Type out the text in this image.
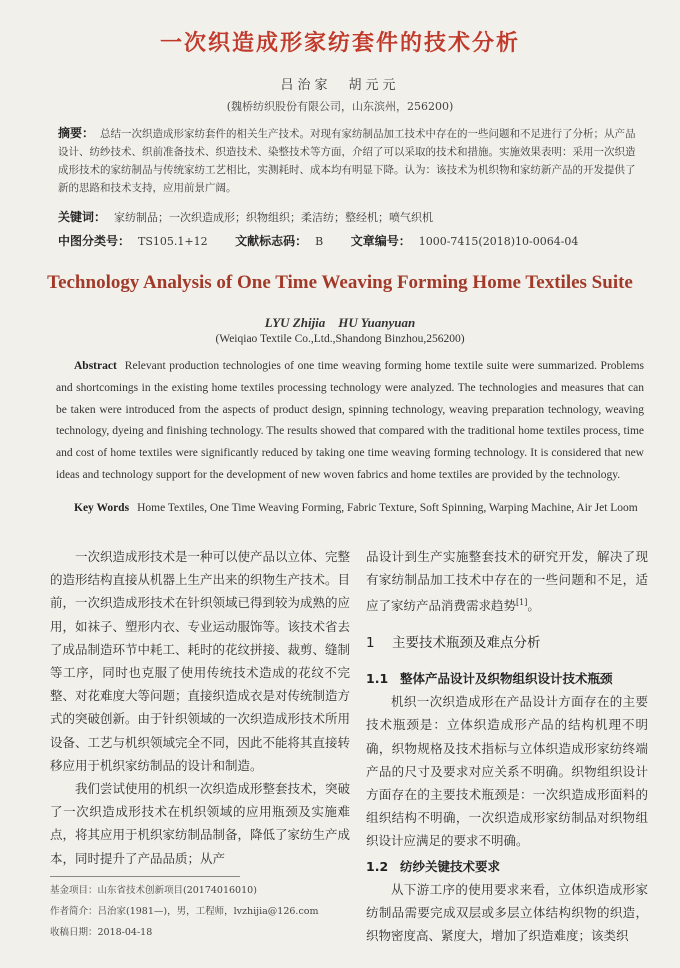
一次织造成形家纺套件的技术分析
吕治家　胡元元
(魏桥纺织股份有限公司，山东滨州，256200)
摘要： 总结一次织造成形家纺套件的相关生产技术。对现有家纺制品加工技术中存在的一些问题和不足进行了分析；从产品设计、纺纱技术、织前准备技术、织造技术、染整技术等方面，介绍了可以采取的技术和措施。实施效果表明：采用一次织造成形技术的家纺制品与传统家纺工艺相比，实测耗时、成本均有明显下降。认为：该技术为机织物和家纺新产品的开发提供了新的思路和技术支持，应用前景广阔。
关键词： 家纺制品；一次织造成形；织物组织；柔洁纺；整经机；喷气织机
中图分类号： TS105.1+12 文献标志码： B 文章编号： 1000-7415(2018)10-0064-04
Technology Analysis of One Time Weaving Forming Home Textiles Suite
LYU Zhijia　HU Yuanyuan
(Weiqiao Textile Co.,Ltd.,Shandong Binzhou,256200)
Abstract Relevant production technologies of one time weaving forming home textile suite were summarized. Problems and shortcomings in the existing home textiles processing technology were analyzed. The technologies and measures that can be taken were introduced from the aspects of product design, spinning technology, weaving preparation technology, weaving technology, dyeing and finishing technology. The results showed that compared with the traditional home textiles process, time and cost of home textiles were significantly reduced by taking one time weaving forming technology. It is considered that new ideas and technology support for the development of new woven fabrics and home textiles are provided by the technology.
Key Words Home Textiles, One Time Weaving Forming, Fabric Texture, Soft Spinning, Warping Machine, Air Jet Loom

一次织造成形技术是一种可以使产品以立体、完整的造形结构直接从机器上生产出来的织物生产技术。目前，一次织造成形技术在针织领域已得到较为成熟的应用，如袜子、塑形内衣、专业运动服饰等。该技术省去了成品制造环节中耗工、耗时的花纹拼接、裁剪、缝制等工序，同时也克服了使用传统技术造成的花纹不完整、对花难度大等问题；直接织造成衣是对传统制造方式的突破创新。由于针织领域的一次织造成形技术所用设备、工艺与机织领域完全不同，因此不能将其直接转移应用于机织家纺制品的设计和制造。

我们尝试使用的机织一次织造成形整套技术，突破了一次织造成形技术在机织领域的应用瓶颈及实施难点，将其应用于机织家纺制品制备，降低了家纺生产成本，同时提升了产品品质；从产

品设计到生产实施整套技术的研究开发，解决了现有家纺制品加工技术中存在的一些问题和不足，适应了家纺产品消费需求趋势[1]。

1 主要技术瓶颈及难点分析
1.1 整体产品设计及织物组织设计技术瓶颈

机织一次织造成形在产品设计方面存在的主要技术瓶颈是：立体织造成形产品的结构机理不明确，织物规格及技术指标与立体织造成形家纺终端产品的尺寸及要求对应关系不明确。织物组织设计方面存在的主要技术瓶颈是：一次织造成形面料的组织结构不明确，一次织造成形家纺制品对织物组织设计应满足的要求不明确。

1.2 纺纱关键技术要求

从下游工序的使用要求来看，立体织造成形家纺制品需要完成双层或多层立体结构织物的织造，织物密度高、紧度大，增加了织造难度；该类织

基金项目：山东省技术创新项目(20174016010)
作者简介：吕治家(1981—)，男，工程师，lvzhijia@126.com
收稿日期：2018-04-18
